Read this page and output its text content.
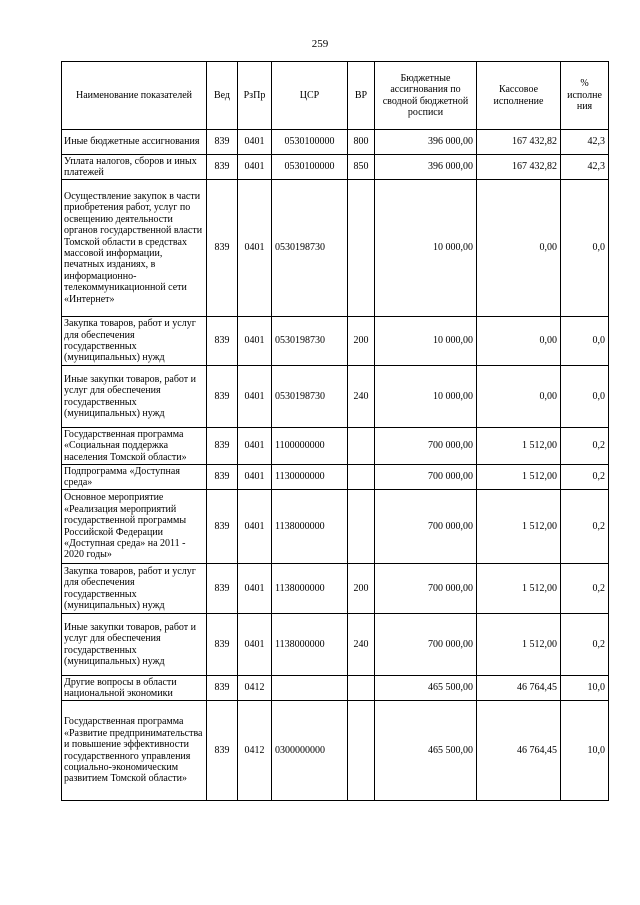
259
Наименование показателей	Вед	РзПр	ЦСР	ВР	Бюджетные ассигнования по сводной бюджетной росписи	Кассовое исполнение	% исполне ния
Иные бюджетные ассигнования	839	0401	0530100000	800	396 000,00	167 432,82	42,3
Уплата налогов, сборов и иных платежей	839	0401	0530100000	850	396 000,00	167 432,82	42,3
Осуществление закупок в части приобретения работ, услуг по освещению деятельности органов государственной власти Томской области в средствах массовой информации, печатных изданиях, в информационно-телекоммуникационной сети «Интернет»	839	0401	0530198730		10 000,00	0,00	0,0
Закупка товаров, работ и услуг для обеспечения государственных (муниципальных) нужд	839	0401	0530198730	200	10 000,00	0,00	0,0
Иные закупки товаров, работ и услуг для обеспечения государственных (муниципальных) нужд	839	0401	0530198730	240	10 000,00	0,00	0,0
Государственная программа «Социальная поддержка населения Томской области»	839	0401	1100000000		700 000,00	1 512,00	0,2
Подпрограмма «Доступная среда»	839	0401	1130000000		700 000,00	1 512,00	0,2
Основное мероприятие «Реализация мероприятий государственной программы Российской Федерации «Доступная среда» на 2011 - 2020 годы»	839	0401	1138000000		700 000,00	1 512,00	0,2
Закупка товаров, работ и услуг для обеспечения государственных (муниципальных) нужд	839	0401	1138000000	200	700 000,00	1 512,00	0,2
Иные закупки товаров, работ и услуг для обеспечения государственных (муниципальных) нужд	839	0401	1138000000	240	700 000,00	1 512,00	0,2
Другие вопросы в области национальной экономики	839	0412			465 500,00	46 764,45	10,0
Государственная программа «Развитие предпринимательства и повышение эффективности государственного управления социально-экономическим развитием Томской области»	839	0412	0300000000		465 500,00	46 764,45	10,0
